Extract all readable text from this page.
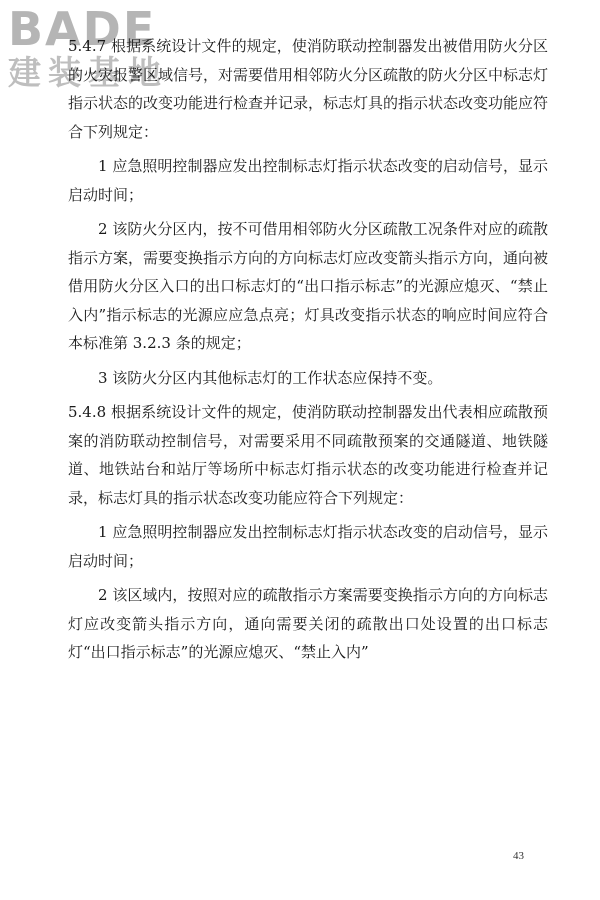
BADE
建装基地

5.4.7 根据系统设计文件的规定，使消防联动控制器发出被借用防火分区的火灾报警区域信号，对需要借用相邻防火分区疏散的防火分区中标志灯指示状态的改变功能进行检查并记录，标志灯具的指示状态改变功能应符合下列规定：

1 应急照明控制器应发出控制标志灯指示状态改变的启动信号，显示启动时间；

2 该防火分区内，按不可借用相邻防火分区疏散工况条件对应的疏散指示方案，需要变换指示方向的方向标志灯应改变箭头指示方向，通向被借用防火分区入口的出口标志灯的“出口指示标志”的光源应熄灭、“禁止入内”指示标志的光源应应急点亮；灯具改变指示状态的响应时间应符合本标准第 3.2.3 条的规定；

3 该防火分区内其他标志灯的工作状态应保持不变。

5.4.8 根据系统设计文件的规定，使消防联动控制器发出代表相应疏散预案的消防联动控制信号，对需要采用不同疏散预案的交通隧道、地铁隧道、地铁站台和站厅等场所中标志灯指示状态的改变功能进行检查并记录，标志灯具的指示状态改变功能应符合下列规定：

1 应急照明控制器应发出控制标志灯指示状态改变的启动信号，显示启动时间；

2 该区域内，按照对应的疏散指示方案需要变换指示方向的方向标志灯应改变箭头指示方向，通向需要关闭的疏散出口处设置的出口标志灯“出口指示标志”的光源应熄灭、“禁止入内”

43
